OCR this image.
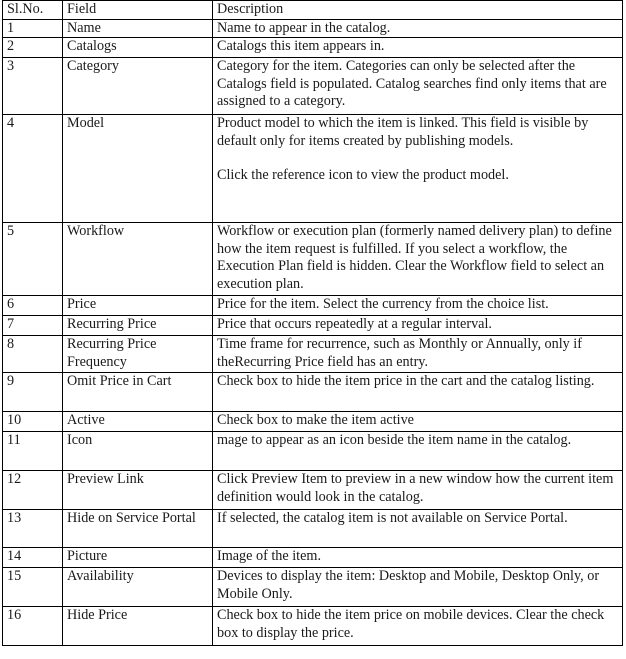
Sl.No.	Field	Description
1	Name	Name to appear in the catalog.

2	Catalogs	Catalogs this item appears in.

3	Category	Category for the item. Categories can only be selected after the Catalogs field is populated. Catalog searches find only items that are assigned to a category.

4	Model	Product model to which the item is linked. This field is visible by default only for items created by publishing models.
Click the reference icon to view the product model.

5	Workflow	Workflow or execution plan (formerly named delivery plan) to define how the item request is fulfilled. If you select a workflow, the Execution Plan field is hidden. Clear the Workflow field to select an execution plan.

6	Price	Price for the item. Select the currency from the choice list.

7	Recurring Price	Price that occurs repeatedly at a regular interval.

8	Recurring Price Frequency	Time frame for recurrence, such as Monthly or Annually, only if theRecurring Price field has an entry.

9	Omit Price in Cart	Check box to hide the item price in the cart and the catalog listing.

10	Active	Check box to make the item active

11	Icon	mage to appear as an icon beside the item name in the catalog.

12	Preview Link	Click Preview Item to preview in a new window how the current item definition would look in the catalog.

13	Hide on Service Portal	If selected, the catalog item is not available on Service Portal.

14	Picture	Image of the item.

15	Availability	Devices to display the item: Desktop and Mobile, Desktop Only, or Mobile Only.

16	Hide Price	Check box to hide the item price on mobile devices. Clear the check box to display the price.
